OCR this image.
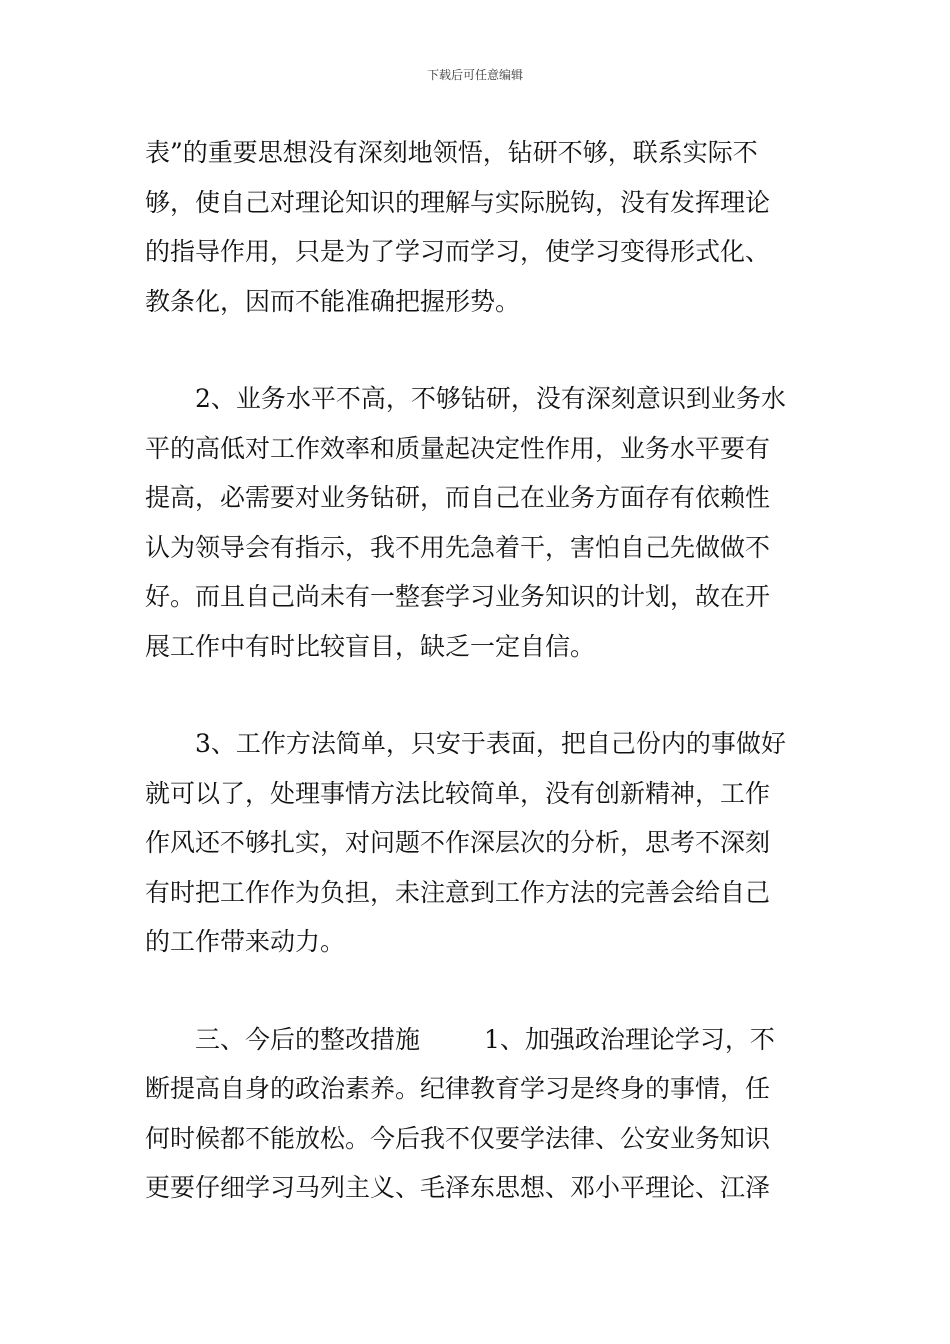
下载后可任意编辑
表”的重要思想没有深刻地领悟，钻研不够，联系实际不
够，使自己对理论知识的理解与实际脱钩，没有发挥理论
的指导作用，只是为了学习而学习，使学习变得形式化、
教条化，因而不能准确把握形势。
2、业务水平不高，不够钻研，没有深刻意识到业务水
平的高低对工作效率和质量起决定性作用，业务水平要有
提高，必需要对业务钻研，而自己在业务方面存有依赖性
认为领导会有指示，我不用先急着干，害怕自己先做做不
好。而且自己尚未有一整套学习业务知识的计划，故在开
展工作中有时比较盲目，缺乏一定自信。
3、工作方法简单，只安于表面，把自己份内的事做好
就可以了，处理事情方法比较简单，没有创新精神，工作
作风还不够扎实，对问题不作深层次的分析，思考不深刻
有时把工作作为负担，未注意到工作方法的完善会给自己
的工作带来动力。
三、今后的整改措施	1、加强政治理论学习，不
断提高自身的政治素养。纪律教育学习是终身的事情，任
何时候都不能放松。今后我不仅要学法律、公安业务知识
更要仔细学习马列主义、毛泽东思想、邓小平理论、江泽
